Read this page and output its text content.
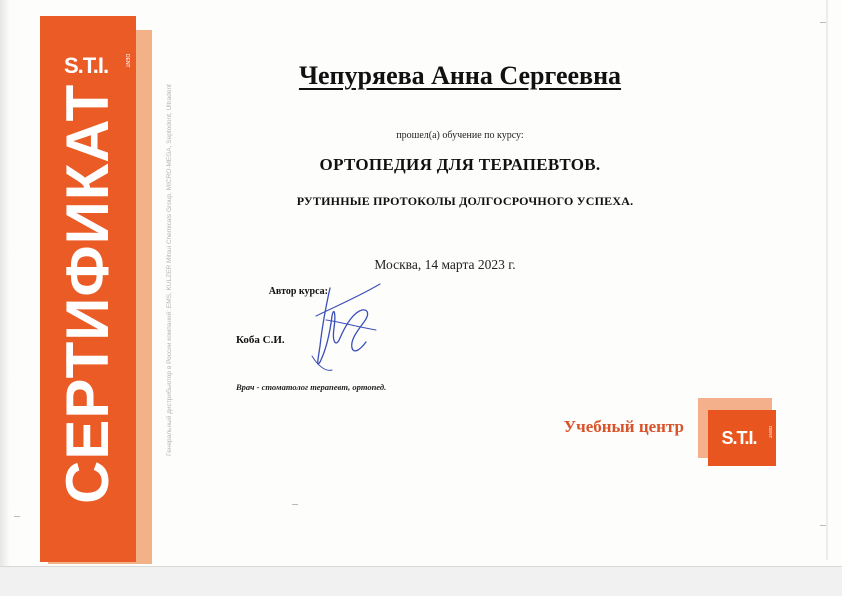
S.T.I.	DENT
СЕРТИФИКАТ	Генеральный дистрибьютор в России компаний: EMS, KULZER Mitsui Chemicals Group, MICRO-MEGA, Septodont, Ultradent
Чепуряева Анна Сергеевна
прошел(а) обучение по курсу:
ОРТОПЕДИЯ ДЛЯ ТЕРАПЕВТОВ.
РУТИННЫЕ ПРОТОКОЛЫ ДОЛГОСРОЧНОГО УСПЕХА.
Москва, 14 марта 2023 г.
Автор курса:
Коба С.И.
Врач - стоматолог терапевт, ортопед.
Учебный центр
S.T.I.	DENT
